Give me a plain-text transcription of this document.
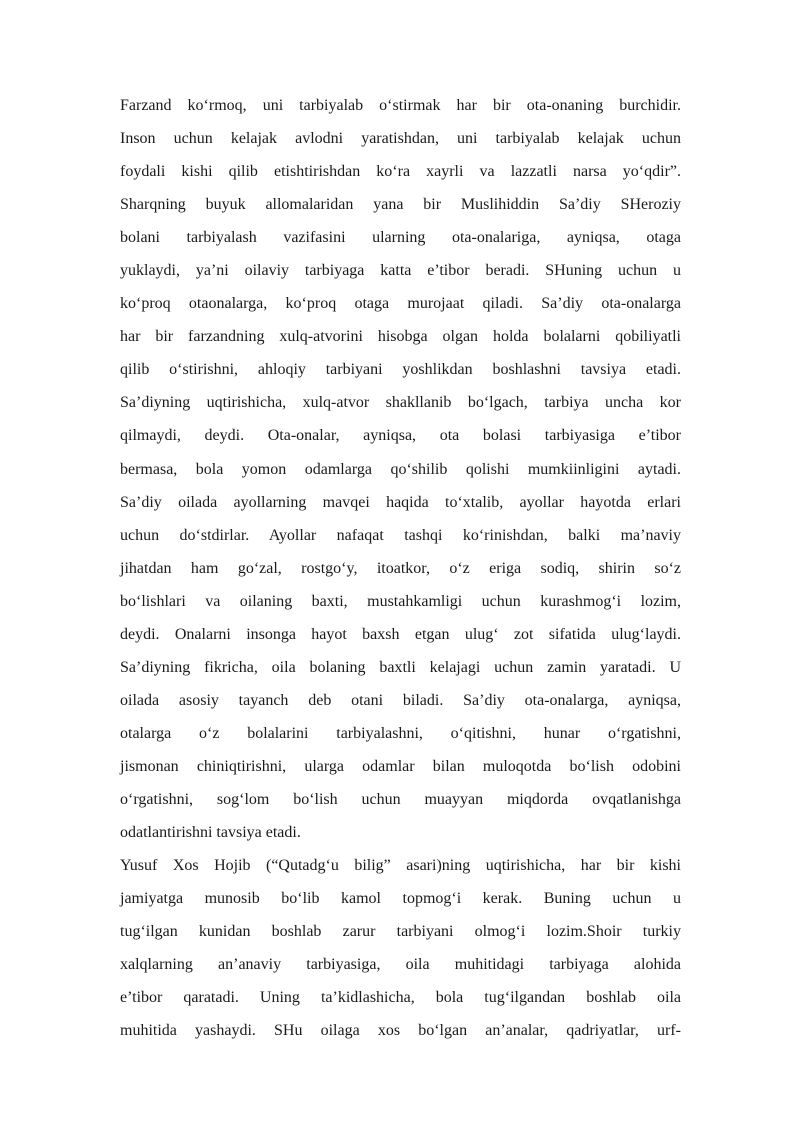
Farzand ko‘rmoq, uni tarbiyalab o‘stirmak har bir ota-onaning burchidir.
Inson uchun kelajak avlodni yaratishdan, uni tarbiyalab kelajak uchun
foydali kishi qilib etishtirishdan ko‘ra xayrli va lazzatli narsa yo‘qdir”.
Sharqning buyuk allomalaridan yana bir Muslihiddin Sa’diy SHeroziy
bolani tarbiyalash vazifasini ularning ota-onalariga, ayniqsa, otaga
yuklaydi, ya’ni oilaviy tarbiyaga katta e’tibor beradi. SHuning uchun u
ko‘proq otaonalarga, ko‘proq otaga murojaat qiladi. Sa’diy ota-onalarga
har bir farzandning xulq-atvorini hisobga olgan holda bolalarni qobiliyatli
qilib o‘stirishni, ahloqiy tarbiyani yoshlikdan boshlashni tavsiya etadi.
Sa’diyning uqtirishicha, xulq-atvor shakllanib bo‘lgach, tarbiya uncha kor
qilmaydi, deydi. Ota-onalar, ayniqsa, ota bolasi tarbiyasiga e’tibor
bermasa, bola yomon odamlarga qo‘shilib qolishi mumkiinligini aytadi.
Sa’diy oilada ayollarning mavqei haqida to‘xtalib, ayollar hayotda erlari
uchun do‘stdirlar. Ayollar nafaqat tashqi ko‘rinishdan, balki ma’naviy
jihatdan ham go‘zal, rostgo‘y, itoatkor, o‘z eriga sodiq, shirin so‘z
bo‘lishlari va oilaning baxti, mustahkamligi uchun kurashmog‘i lozim,
deydi. Onalarni insonga hayot baxsh etgan ulug‘ zot sifatida ulug‘laydi.
Sa’diyning fikricha, oila bolaning baxtli kelajagi uchun zamin yaratadi. U
oilada asosiy tayanch deb otani biladi. Sa’diy ota-onalarga, ayniqsa,
otalarga o‘z bolalarini tarbiyalashni, o‘qitishni, hunar o‘rgatishni,
jismonan chiniqtirishni, ularga odamlar bilan muloqotda bo‘lish odobini
o‘rgatishni, sog‘lom bo‘lish uchun muayyan miqdorda ovqatlanishga
odatlantirishni tavsiya etadi.
Yusuf Xos Hojib (“Qutadg‘u bilig” asari)ning uqtirishicha, har bir kishi
jamiyatga munosib bo‘lib kamol topmog‘i kerak. Buning uchun u
tug‘ilgan kunidan boshlab zarur tarbiyani olmog‘i lozim.Shoir turkiy
xalqlarning an’anaviy tarbiyasiga, oila muhitidagi tarbiyaga alohida
e’tibor qaratadi. Uning ta’kidlashicha, bola tug‘ilgandan boshlab oila
muhitida yashaydi. SHu oilaga xos bo‘lgan an’analar, qadriyatlar, urf-
